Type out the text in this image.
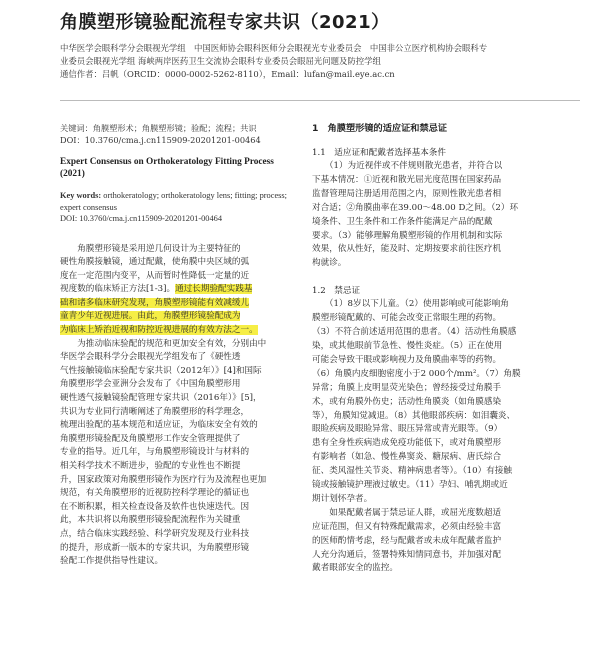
角膜塑形镜验配流程专家共识（2021）
中华医学会眼科学分会眼视光学组　中国医师协会眼科医师分会眼视光专业委员会　中国非公立医疗机构协会眼科专
业委员会眼视光学组 海峡两岸医药卫生交流协会眼科专业委员会眼屈光问题及防控学组
通信作者：吕帆（ORCID：0000-0002-5262-8110），Email：lufan@mail.eye.ac.cn
关键词：角膜塑形术；角膜塑形镜；验配；流程；共识
DOI：10.3760/cma.j.cn115909-20201201-00464
Expert Consensus on Orthokeratology Fitting Process (2021)
Key words: orthokeratology; orthokeratology lens; fitting; process; expert consensus
DOI: 10.3760/cma.j.cn115909-20201201-00464
　　角膜塑形镜是采用逆几何设计为主要特征的
硬性角膜接触镜，通过配戴，使角膜中央区域的弧
度在一定范围内变平，从而暂时性降低一定量的近
视度数的临床矫正方法[1-3]。通过长期验配实践基
础和诸多临床研究发现，角膜塑形镜能有效减缓儿
童青少年近视进展。由此，角膜塑形镜验配成为
为临床上矫治近视和防控近视进展的有效方法之一。
　　为推动临床验配的规范和更加安全有效，分别由中
华医学会眼科学分会眼视光学组发布了《硬性透
气性接触镜临床验配专家共识（2012年）》[4]和国际
角膜塑形学会亚洲分会发布了《中国角膜塑形用
硬性透气接触镜验配管理专家共识（2016年）》[5]，
共识为专业同行清晰阐述了角膜塑形的科学理念，
梳理出验配的基本规范和适应证，为临床安全有效的
角膜塑形镜验配及角膜塑形工作安全管理提供了
专业的指导。近几年，与角膜塑形镜设计与材料的
相关科学技术不断进步，验配的专业性也不断提
升，国家政策对角膜塑形镜作为医疗行为及流程也更加
规范，有关角膜塑形的近视防控科学理论的循证也
在不断积累，相关检查设备及软件也快速迭代。因
此，本共识将以角膜塑形镜验配流程作为关键重
点，结合临床实践经验、科学研究发现及行业科技
的提升，形成新一版本的专家共识，为角膜塑形镜
验配工作提供指导性建议。
1　角膜塑形镜的适应证和禁忌证
1.1　适应证和配戴者选择基本条件
　　（1）为近视伴或不伴规则散光患者，并符合以
下基本情况：①近视和散光屈光度范围在国家药品
监督管理局注册适用范围之内，原则性散光患者相
对合适；②角膜曲率在39.00～48.00 D之间。（2）环
境条件、卫生条件和工作条件能满足产品的配戴
要求。（3）能够理解角膜塑形镜的作用机制和实际
效果，依从性好，能及时、定期按要求前往医疗机
构就诊。
1.2　禁忌证
　　（1）8岁以下儿童。（2）使用影响或可能影响角
膜塑形镜配戴的、可能会改变正常眼生理的药物。
（3）不符合前述适用范围的患者。（4）活动性角膜感
染，或其他眼前节急性、慢性炎症。（5）正在使用
可能会导致干眼或影响视力及角膜曲率等的药物。
（6）角膜内皮细胞密度小于2 000个/mm²。（7）角膜
异常；角膜上皮明显荧光染色；曾经接受过角膜手
术，或有角膜外伤史；活动性角膜炎（如角膜感染
等），角膜知觉减退。（8）其他眼部疾病：如泪囊炎、
眼睑疾病及眼睑异常、眼压异常或青光眼等。（9）
患有全身性疾病造成免疫功能低下，或对角膜塑形
有影响者（如急、慢性鼻窦炎、糖尿病、唐氏综合
征、类风湿性关节炎、精神病患者等）。（10）有接触
镜或接触镜护理液过敏史。（11）孕妇、哺乳期或近
期计划怀孕者。
　　如果配戴者属于禁忌证人群，或屈光度数超适
应证范围，但又有特殊配戴需求，必须由经验丰富
的医师酌情考虑，经与配戴者或未成年配戴者监护
人充分沟通后，签署特殊知情同意书，并加强对配
戴者眼部安全的监控。
